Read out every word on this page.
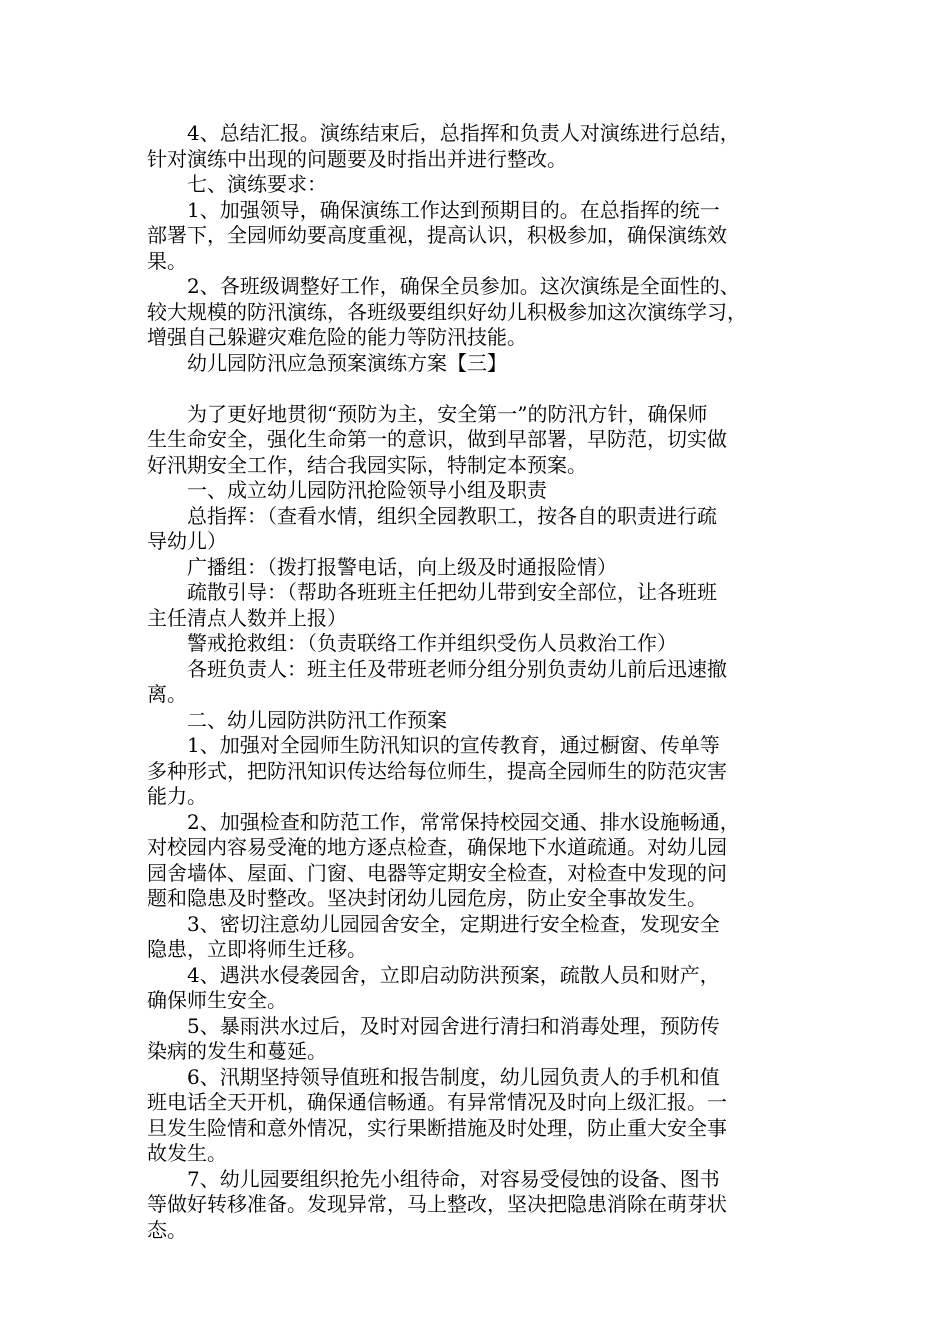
4、总结汇报。演练结束后，总指挥和负责人对演练进行总结，
针对演练中出现的问题要及时指出并进行整改。
七、演练要求：
1、加强领导，确保演练工作达到预期目的。在总指挥的统一
部署下，全园师幼要高度重视，提高认识，积极参加，确保演练效
果。
2、各班级调整好工作，确保全员参加。这次演练是全面性的、
较大规模的防汛演练，各班级要组织好幼儿积极参加这次演练学习，
增强自己躲避灾难危险的能力等防汛技能。
幼儿园防汛应急预案演练方案【三】

为了更好地贯彻“预防为主，安全第一”的防汛方针，确保师
生生命安全，强化生命第一的意识，做到早部署，早防范，切实做
好汛期安全工作，结合我园实际，特制定本预案。
一、成立幼儿园防汛抢险领导小组及职责
总指挥：（查看水情，组织全园教职工，按各自的职责进行疏
导幼儿）
广播组：（拨打报警电话，向上级及时通报险情）
疏散引导：（帮助各班班主任把幼儿带到安全部位，让各班班
主任清点人数并上报）
警戒抢救组：（负责联络工作并组织受伤人员救治工作）
各班负责人：班主任及带班老师分组分别负责幼儿前后迅速撤
离。
二、幼儿园防洪防汛工作预案
1、加强对全园师生防汛知识的宣传教育，通过橱窗、传单等
多种形式，把防汛知识传达给每位师生，提高全园师生的防范灾害
能力。
2、加强检查和防范工作，常常保持校园交通、排水设施畅通，
对校园内容易受淹的地方逐点检查，确保地下水道疏通。对幼儿园
园舍墙体、屋面、门窗、电器等定期安全检查，对检查中发现的问
题和隐患及时整改。坚决封闭幼儿园危房，防止安全事故发生。
3、密切注意幼儿园园舍安全，定期进行安全检查，发现安全
隐患，立即将师生迁移。
4、遇洪水侵袭园舍，立即启动防洪预案，疏散人员和财产，
确保师生安全。
5、暴雨洪水过后，及时对园舍进行清扫和消毒处理，预防传
染病的发生和蔓延。
6、汛期坚持领导值班和报告制度，幼儿园负责人的手机和值
班电话全天开机，确保通信畅通。有异常情况及时向上级汇报。一
旦发生险情和意外情况，实行果断措施及时处理，防止重大安全事
故发生。
7、幼儿园要组织抢先小组待命，对容易受侵蚀的设备、图书
等做好转移准备。发现异常，马上整改，坚决把隐患消除在萌芽状
态。
